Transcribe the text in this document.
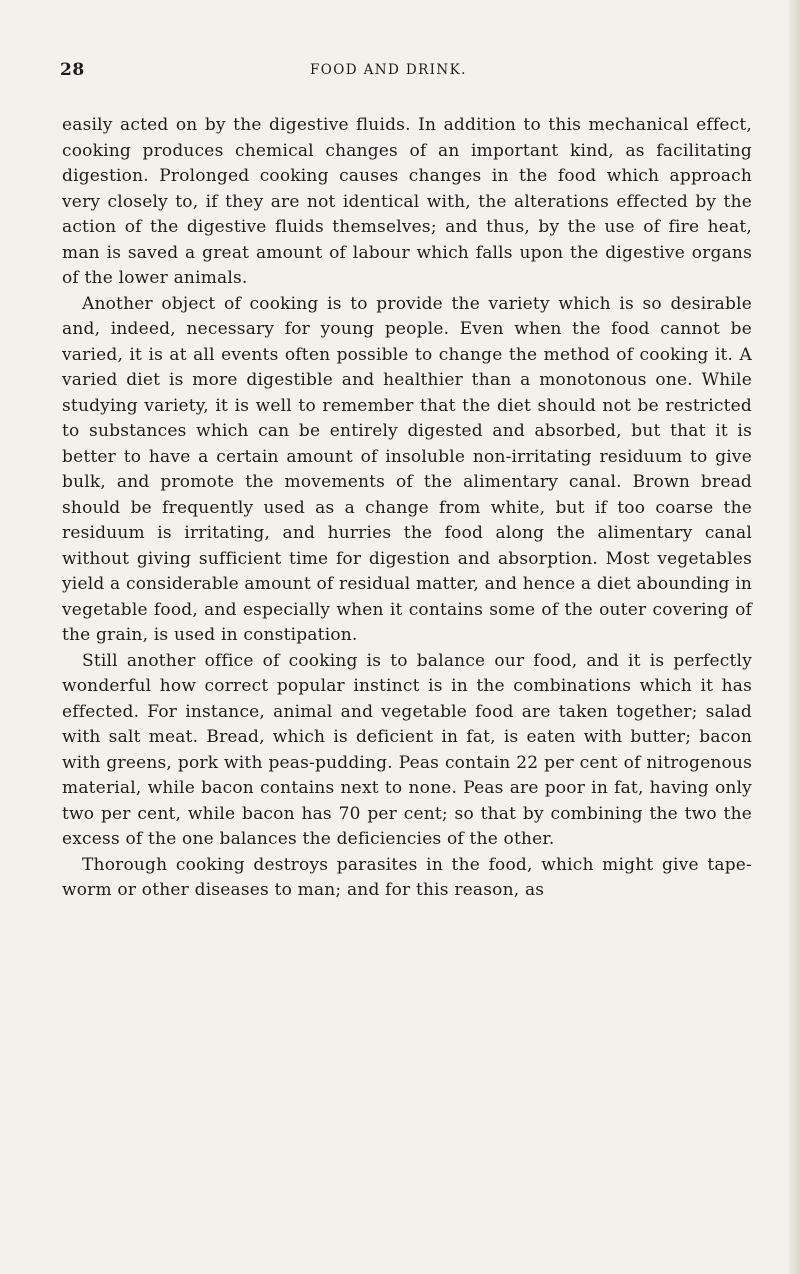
28	FOOD AND DRINK.

easily acted on by the digestive fluids. In addition to this mechanical effect, cooking produces chemical changes of an important kind, as facilitating digestion. Prolonged cooking causes changes in the food which approach very closely to, if they are not identical with, the alterations effected by the action of the digestive fluids themselves; and thus, by the use of fire heat, man is saved a great amount of labour which falls upon the digestive organs of the lower animals.

Another object of cooking is to provide the variety which is so desirable and, indeed, necessary for young people. Even when the food cannot be varied, it is at all events often possible to change the method of cooking it. A varied diet is more digestible and healthier than a monotonous one. While studying variety, it is well to remember that the diet should not be restricted to substances which can be entirely digested and absorbed, but that it is better to have a certain amount of insoluble non-irritating residuum to give bulk, and promote the movements of the alimentary canal. Brown bread should be frequently used as a change from white, but if too coarse the residuum is irritating, and hurries the food along the alimentary canal without giving sufficient time for digestion and absorption. Most vegetables yield a considerable amount of residual matter, and hence a diet abounding in vegetable food, and especially when it contains some of the outer covering of the grain, is used in constipation.

Still another office of cooking is to balance our food, and it is perfectly wonderful how correct popular instinct is in the combinations which it has effected. For instance, animal and vegetable food are taken together; salad with salt meat. Bread, which is deficient in fat, is eaten with butter; bacon with greens, pork with peas-pudding. Peas contain 22 per cent of nitrogenous material, while bacon contains next to none. Peas are poor in fat, having only two per cent, while bacon has 70 per cent; so that by combining the two the excess of the one balances the deficiencies of the other.

Thorough cooking destroys parasites in the food, which might give tape-worm or other diseases to man; and for this reason, as
